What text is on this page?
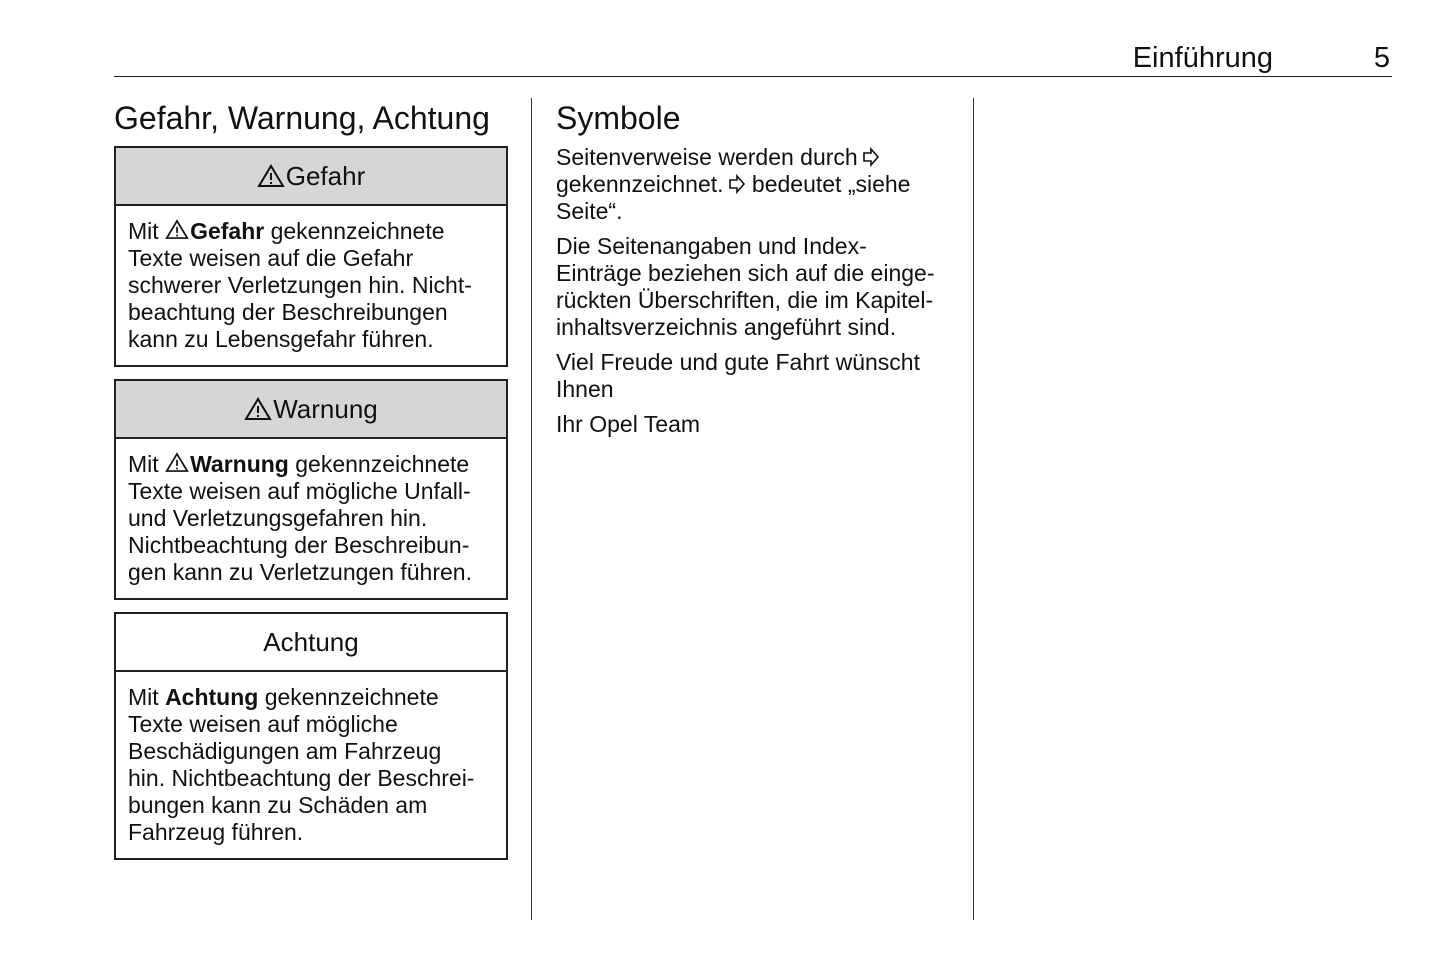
Einführung	5
Gefahr, Warnung, Achtung
Gefahr
Mit Gefahr gekennzeichnete
Texte weisen auf die Gefahr
schwerer Verletzungen hin. Nicht-
beachtung der Beschreibungen
kann zu Lebensgefahr führen.
Warnung
Mit Warnung gekennzeichnete
Texte weisen auf mögliche Unfall-
und Verletzungsgefahren hin.
Nichtbeachtung der Beschreibun-
gen kann zu Verletzungen führen.
Achtung
Mit Achtung gekennzeichnete
Texte weisen auf mögliche
Beschädigungen am Fahrzeug
hin. Nichtbeachtung der Beschrei-
bungen kann zu Schäden am
Fahrzeug führen.
Symbole

Seitenverweise werden durch
gekennzeichnet. bedeutet „siehe
Seite“.

Die Seitenangaben und Index-
Einträge beziehen sich auf die einge-
rückten Überschriften, die im Kapitel-
inhaltsverzeichnis angeführt sind.

Viel Freude und gute Fahrt wünscht
Ihnen

Ihr Opel Team
